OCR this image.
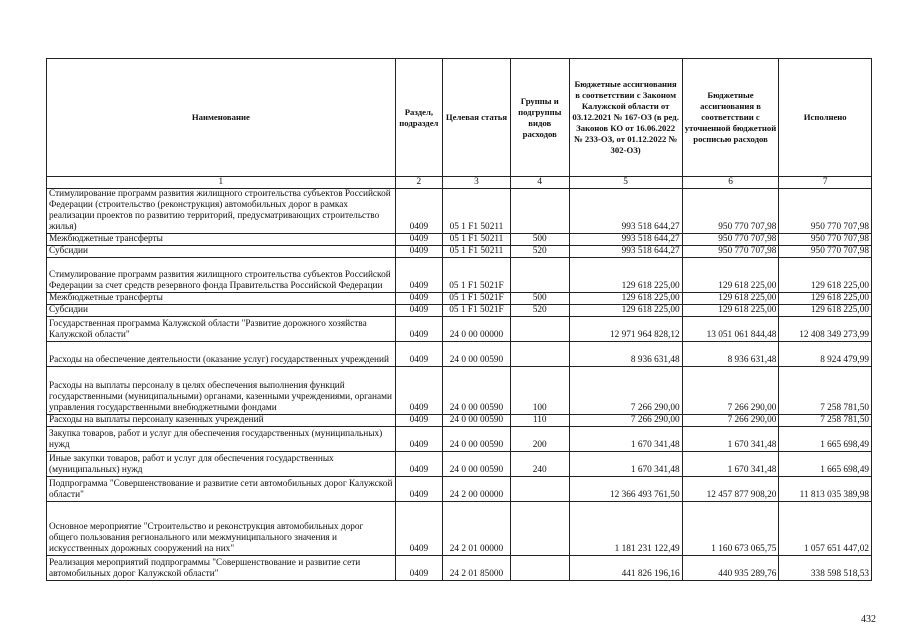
Наименование	Раздел, подраздел	Целевая статья	Группы и подгруппы видов расходов	Бюджетные ассигнования в соответствии с Законом Калужской области от 03.12.2021 № 167-ОЗ (в ред. Законов КО от 16.06.2022 № 233-ОЗ, от 01.12.2022 № 302-ОЗ)	Бюджетные ассигнования в соответствии с уточненной бюджетной росписью расходов	Исполнено
1	2	3	4	5	6	7
Стимулирование программ развития жилищного строительства субъектов Российской Федерации (строительство (реконструкция) автомобильных дорог в рамках реализации проектов по развитию территорий, предусматривающих строительство жилья)	0409	05 1 F1 50211		993 518 644,27	950 770 707,98	950 770 707,98
Межбюджетные трансферты	0409	05 1 F1 50211	500	993 518 644,27	950 770 707,98	950 770 707,98
Субсидии	0409	05 1 F1 50211	520	993 518 644,27	950 770 707,98	950 770 707,98
Стимулирование программ развития жилищного строительства субъектов Российской Федерации за счет средств резервного фонда Правительства Российской Федерации	0409	05 1 F1 5021F		129 618 225,00	129 618 225,00	129 618 225,00
Межбюджетные трансферты	0409	05 1 F1 5021F	500	129 618 225,00	129 618 225,00	129 618 225,00
Субсидии	0409	05 1 F1 5021F	520	129 618 225,00	129 618 225,00	129 618 225,00
Государственная программа Калужской области "Развитие дорожного хозяйства Калужской области"	0409	24 0 00 00000		12 971 964 828,12	13 051 061 844,48	12 408 349 273,99
Расходы на обеспечение деятельности (оказание услуг) государственных учреждений	0409	24 0 00 00590		8 936 631,48	8 936 631,48	8 924 479,99
Расходы на выплаты персоналу в целях обеспечения выполнения функций государственными (муниципальными) органами, казенными учреждениями, органами управления государственными внебюджетными фондами	0409	24 0 00 00590	100	7 266 290,00	7 266 290,00	7 258 781,50
Расходы на выплаты персоналу казенных учреждений	0409	24 0 00 00590	110	7 266 290,00	7 266 290,00	7 258 781,50
Закупка товаров, работ и услуг для обеспечения государственных (муниципальных) нужд	0409	24 0 00 00590	200	1 670 341,48	1 670 341,48	1 665 698,49
Иные закупки товаров, работ и услуг для обеспечения государственных (муниципальных) нужд	0409	24 0 00 00590	240	1 670 341,48	1 670 341,48	1 665 698,49
Подпрограмма "Совершенствование и развитие сети автомобильных дорог Калужской области"	0409	24 2 00 00000		12 366 493 761,50	12 457 877 908,20	11 813 035 389,98
Основное мероприятие "Строительство и реконструкция автомобильных дорог общего пользования регионального или межмуниципального значения и искусственных дорожных сооружений на них"	0409	24 2 01 00000		1 181 231 122,49	1 160 673 065,75	1 057 651 447,02
Реализация мероприятий подпрограммы "Совершенствование и развитие сети автомобильных дорог Калужской области"	0409	24 2 01 85000		441 826 196,16	440 935 289,76	338 598 518,53
432
